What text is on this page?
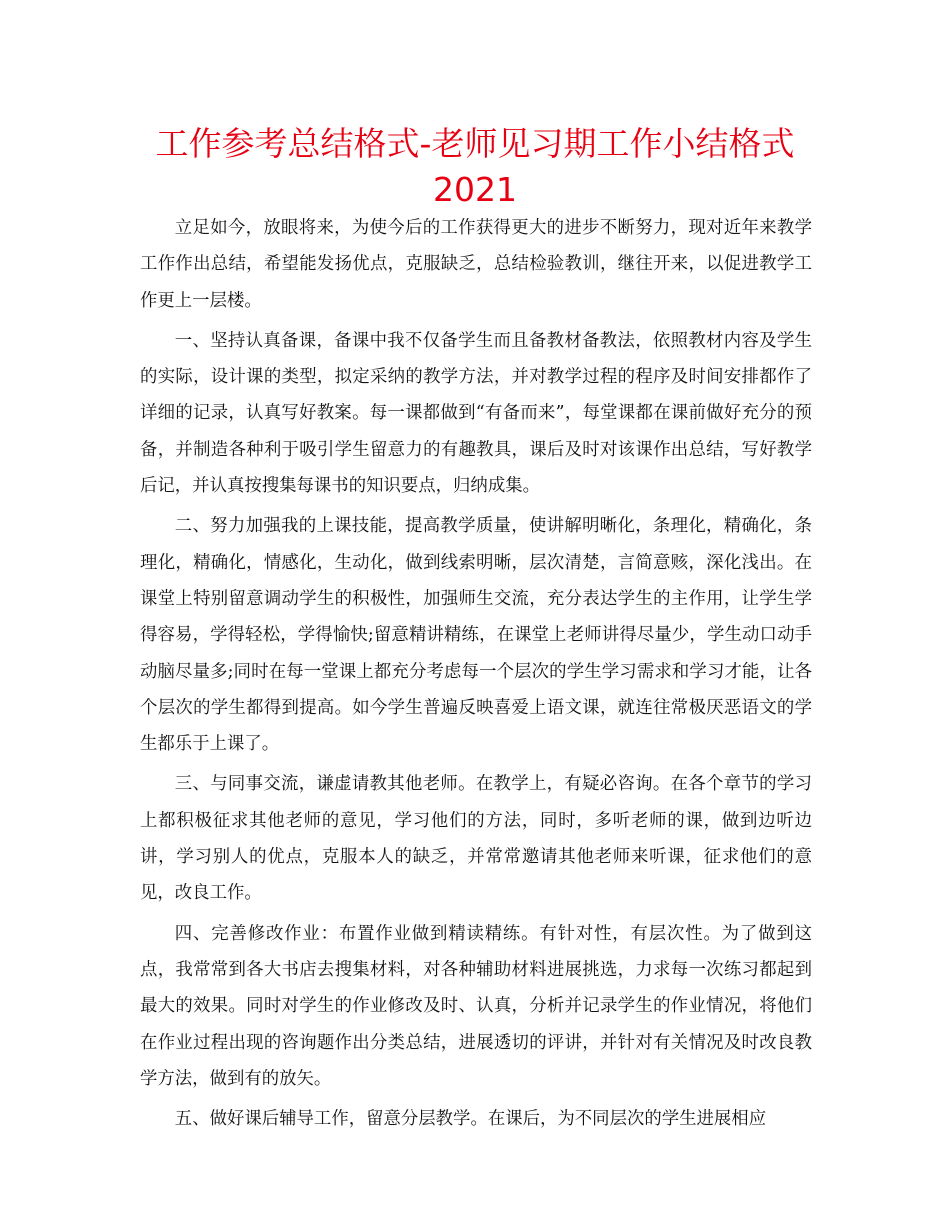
工作参考总结格式-老师见习期工作小结格式
2021

立足如今，放眼将来，为使今后的工作获得更大的进步不断努力，现对近年来教学工作作出总结，希望能发扬优点，克服缺乏，总结检验教训，继往开来，以促进教学工作更上一层楼。

一、坚持认真备课，备课中我不仅备学生而且备教材备教法，依照教材内容及学生的实际，设计课的类型，拟定采纳的教学方法，并对教学过程的程序及时间安排都作了详细的记录，认真写好教案。每一课都做到“有备而来”，每堂课都在课前做好充分的预备，并制造各种利于吸引学生留意力的有趣教具，课后及时对该课作出总结，写好教学后记，并认真按搜集每课书的知识要点，归纳成集。

二、努力加强我的上课技能，提高教学质量，使讲解明晰化，条理化，精确化，条理化，精确化，情感化，生动化，做到线索明晰，层次清楚，言简意赅，深化浅出。在课堂上特别留意调动学生的积极性，加强师生交流，充分表达学生的主作用，让学生学得容易，学得轻松，学得愉快;留意精讲精练，在课堂上老师讲得尽量少，学生动口动手动脑尽量多;同时在每一堂课上都充分考虑每一个层次的学生学习需求和学习才能，让各个层次的学生都得到提高。如今学生普遍反映喜爱上语文课，就连往常极厌恶语文的学生都乐于上课了。

三、与同事交流，谦虚请教其他老师。在教学上，有疑必咨询。在各个章节的学习上都积极征求其他老师的意见，学习他们的方法，同时，多听老师的课，做到边听边讲，学习别人的优点，克服本人的缺乏，并常常邀请其他老师来听课，征求他们的意见，改良工作。

四、完善修改作业：布置作业做到精读精练。有针对性，有层次性。为了做到这点，我常常到各大书店去搜集材料，对各种辅助材料进展挑选，力求每一次练习都起到最大的效果。同时对学生的作业修改及时、认真，分析并记录学生的作业情况，将他们在作业过程出现的咨询题作出分类总结，进展透切的评讲，并针对有关情况及时改良教学方法，做到有的放矢。

五、做好课后辅导工作，留意分层教学。在课后，为不同层次的学生进展相应
